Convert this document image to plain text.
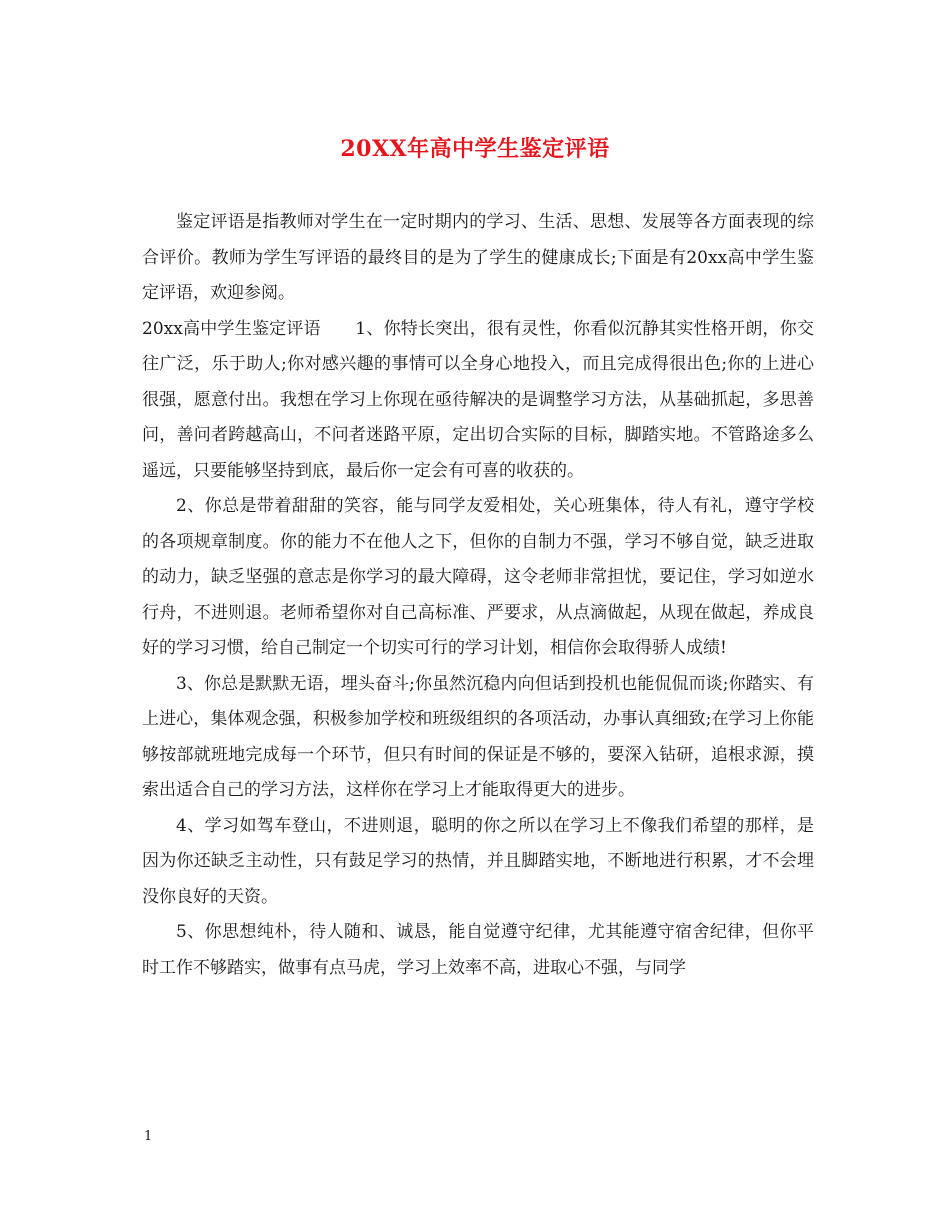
20XX年高中学生鉴定评语

鉴定评语是指教师对学生在一定时期内的学习、生活、思想、发展等各方面表现的综合评价。教师为学生写评语的最终目的是为了学生的健康成长;下面是有20xx高中学生鉴定评语，欢迎参阅。

20xx高中学生鉴定评语　　1、你特长突出，很有灵性，你看似沉静其实性格开朗，你交往广泛，乐于助人;你对感兴趣的事情可以全身心地投入，而且完成得很出色;你的上进心很强，愿意付出。我想在学习上你现在亟待解决的是调整学习方法，从基础抓起，多思善问，善问者跨越高山，不问者迷路平原，定出切合实际的目标，脚踏实地。不管路途多么遥远，只要能够坚持到底，最后你一定会有可喜的收获的。

2、你总是带着甜甜的笑容，能与同学友爱相处，关心班集体，待人有礼，遵守学校的各项规章制度。你的能力不在他人之下，但你的自制力不强，学习不够自觉，缺乏进取的动力，缺乏坚强的意志是你学习的最大障碍，这令老师非常担忧，要记住，学习如逆水行舟，不进则退。老师希望你对自己高标准、严要求，从点滴做起，从现在做起，养成良好的学习习惯，给自己制定一个切实可行的学习计划，相信你会取得骄人成绩!

3、你总是默默无语，埋头奋斗;你虽然沉稳内向但话到投机也能侃侃而谈;你踏实、有上进心，集体观念强，积极参加学校和班级组织的各项活动，办事认真细致;在学习上你能够按部就班地完成每一个环节，但只有时间的保证是不够的，要深入钻研，追根求源，摸索出适合自己的学习方法，这样你在学习上才能取得更大的进步。

4、学习如驾车登山，不进则退，聪明的你之所以在学习上不像我们希望的那样，是因为你还缺乏主动性，只有鼓足学习的热情，并且脚踏实地，不断地进行积累，才不会埋没你良好的天资。

5、你思想纯朴，待人随和、诚恳，能自觉遵守纪律，尤其能遵守宿舍纪律，但你平时工作不够踏实，做事有点马虎，学习上效率不高，进取心不强，与同学

1
